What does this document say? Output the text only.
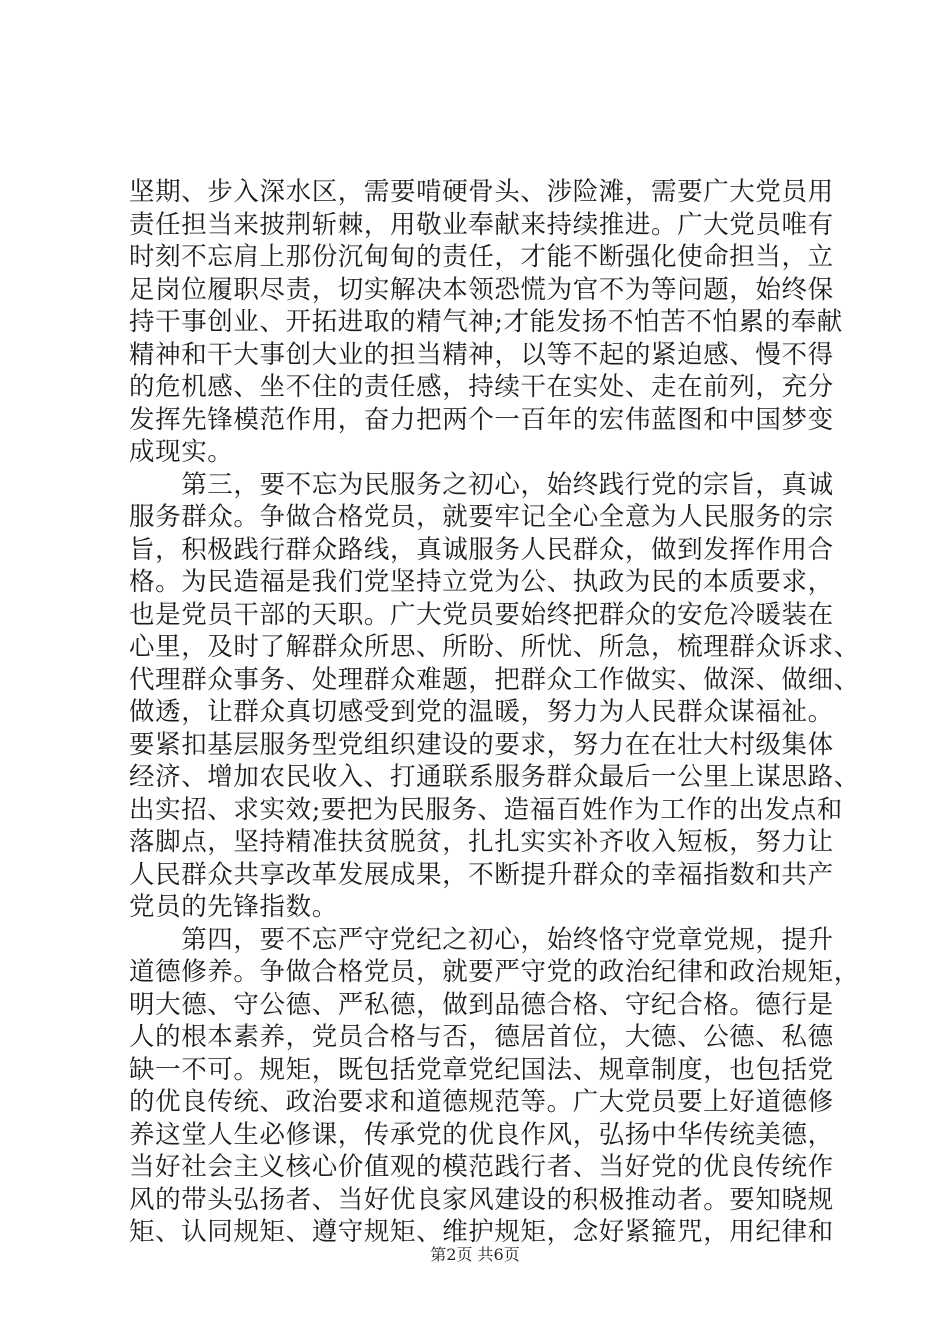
坚期、步入深水区，需要啃硬骨头、涉险滩，需要广大党员用
责任担当来披荆斩棘，用敬业奉献来持续推进。广大党员唯有
时刻不忘肩上那份沉甸甸的责任，才能不断强化使命担当，立
足岗位履职尽责，切实解决本领恐慌为官不为等问题，始终保
持干事创业、开拓进取的精气神;才能发扬不怕苦不怕累的奉献
精神和干大事创大业的担当精神，以等不起的紧迫感、慢不得
的危机感、坐不住的责任感，持续干在实处、走在前列，充分
发挥先锋模范作用，奋力把两个一百年的宏伟蓝图和中国梦变
成现实。
　　第三，要不忘为民服务之初心，始终践行党的宗旨，真诚
服务群众。争做合格党员，就要牢记全心全意为人民服务的宗
旨，积极践行群众路线，真诚服务人民群众，做到发挥作用合
格。为民造福是我们党坚持立党为公、执政为民的本质要求，
也是党员干部的天职。广大党员要始终把群众的安危冷暖装在
心里，及时了解群众所思、所盼、所忧、所急，梳理群众诉求、
代理群众事务、处理群众难题，把群众工作做实、做深、做细、
做透，让群众真切感受到党的温暖，努力为人民群众谋福祉。
要紧扣基层服务型党组织建设的要求，努力在在壮大村级集体
经济、增加农民收入、打通联系服务群众最后一公里上谋思路、
出实招、求实效;要把为民服务、造福百姓作为工作的出发点和
落脚点，坚持精准扶贫脱贫，扎扎实实补齐收入短板，努力让
人民群众共享改革发展成果，不断提升群众的幸福指数和共产
党员的先锋指数。
　　第四，要不忘严守党纪之初心，始终恪守党章党规，提升
道德修养。争做合格党员，就要严守党的政治纪律和政治规矩，
明大德、守公德、严私德，做到品德合格、守纪合格。德行是
人的根本素养，党员合格与否，德居首位，大德、公德、私德
缺一不可。规矩，既包括党章党纪国法、规章制度，也包括党
的优良传统、政治要求和道德规范等。广大党员要上好道德修
养这堂人生必修课，传承党的优良作风，弘扬中华传统美德，
当好社会主义核心价值观的模范践行者、当好党的优良传统作
风的带头弘扬者、当好优良家风建设的积极推动者。要知晓规
矩、认同规矩、遵守规矩、维护规矩，念好紧箍咒，用纪律和
第2页 共6页
